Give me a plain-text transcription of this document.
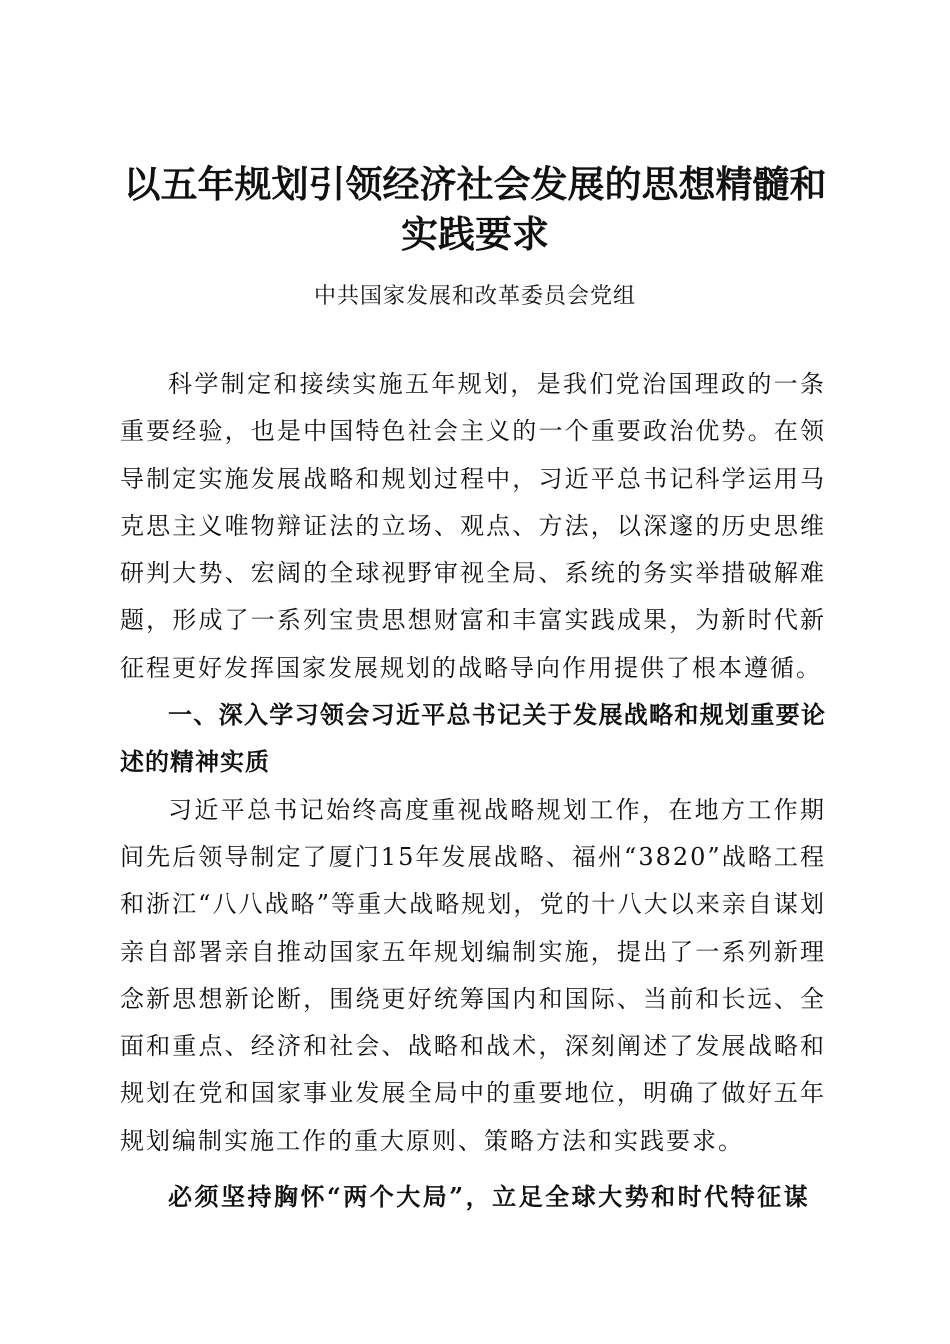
以五年规划引领经济社会发展的思想精髓和实践要求
中共国家发展和改革委员会党组

科学制定和接续实施五年规划，是我们党治国理政的一条重要经验，也是中国特色社会主义的一个重要政治优势。在领导制定实施发展战略和规划过程中，习近平总书记科学运用马克思主义唯物辩证法的立场、观点、方法，以深邃的历史思维研判大势、宏阔的全球视野审视全局、系统的务实举措破解难题，形成了一系列宝贵思想财富和丰富实践成果，为新时代新征程更好发挥国家发展规划的战略导向作用提供了根本遵循。

一、深入学习领会习近平总书记关于发展战略和规划重要论述的精神实质

习近平总书记始终高度重视战略规划工作，在地方工作期间先后领导制定了厦门15年发展战略、福州“3820”战略工程和浙江“八八战略”等重大战略规划，党的十八大以来亲自谋划亲自部署亲自推动国家五年规划编制实施，提出了一系列新理念新思想新论断，围绕更好统筹国内和国际、当前和长远、全面和重点、经济和社会、战略和战术，深刻阐述了发展战略和规划在党和国家事业发展全局中的重要地位，明确了做好五年规划编制实施工作的重大原则、策略方法和实践要求。

必须坚持胸怀“两个大局”，立足全球大势和时代特征谋
